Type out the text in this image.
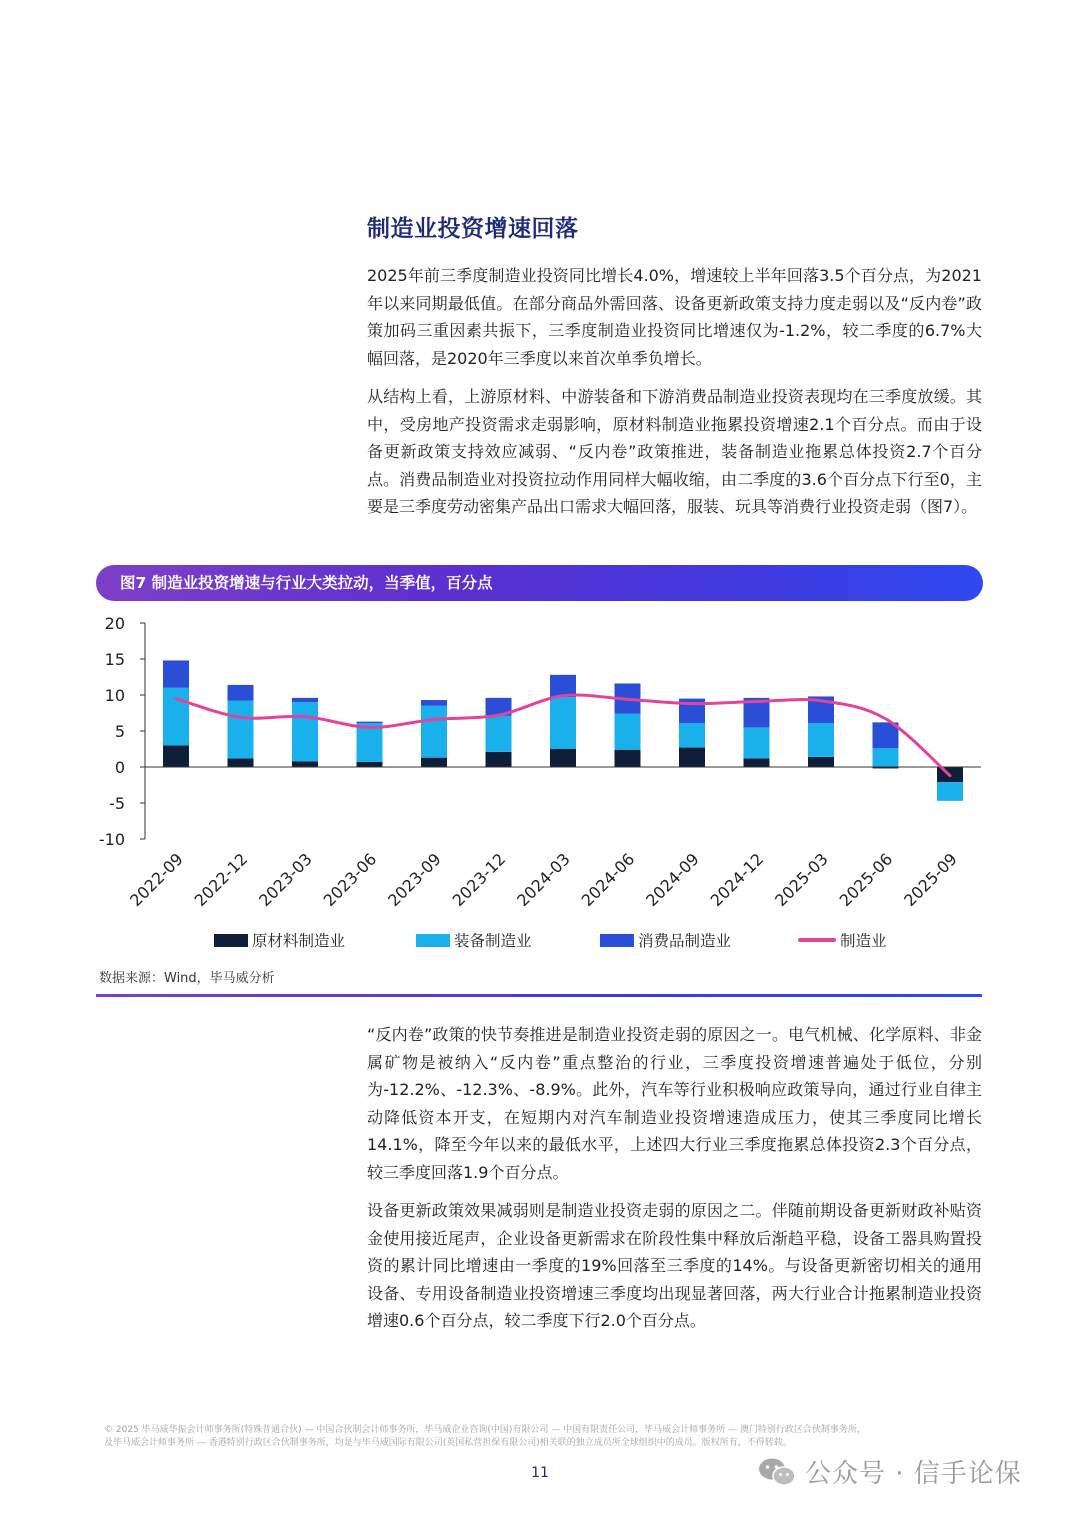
制造业投资增速回落

2025年前三季度制造业投资同比增长4.0%，增速较上半年回落3.5个百分点，为2021年以来同期最低值。在部分商品外需回落、设备更新政策支持力度走弱以及“反内卷”政策加码三重因素共振下，三季度制造业投资同比增速仅为-1.2%，较二季度的6.7%大幅回落，是2020年三季度以来首次单季负增长。

从结构上看，上游原材料、中游装备和下游消费品制造业投资表现均在三季度放缓。其中，受房地产投资需求走弱影响，原材料制造业拖累投资增速2.1个百分点。而由于设备更新政策支持效应减弱、“反内卷”政策推进，装备制造业拖累总体投资2.7个百分点。消费品制造业对投资拉动作用同样大幅收缩，由二季度的3.6个百分点下行至0，主要是三季度劳动密集产品出口需求大幅回落，服装、玩具等消费行业投资走弱（图7）。

图7 制造业投资增速与行业大类拉动，当季值，百分点
20
15
10
5
0
-5
-10
2022-09 2022-12 2023-03 2023-06 2023-09 2023-12 2024-03 2024-06 2024-09 2024-12 2025-03 2025-06 2025-09
原材料制造业	装备制造业	消费品制造业	制造业
数据来源：Wind，毕马威分析

“反内卷”政策的快节奏推进是制造业投资走弱的原因之一。电气机械、化学原料、非金属矿物是被纳入“反内卷”重点整治的行业，三季度投资增速普遍处于低位，分别为-12.2%、-12.3%、-8.9%。此外，汽车等行业积极响应政策导向，通过行业自律主动降低资本开支，在短期内对汽车制造业投资增速造成压力，使其三季度同比增长14.1%，降至今年以来的最低水平，上述四大行业三季度拖累总体投资2.3个百分点，较三季度回落1.9个百分点。

设备更新政策效果减弱则是制造业投资走弱的原因之二。伴随前期设备更新财政补贴资金使用接近尾声，企业设备更新需求在阶段性集中释放后渐趋平稳，设备工器具购置投资的累计同比增速由一季度的19%回落至三季度的14%。与设备更新密切相关的通用设备、专用设备制造业投资增速三季度均出现显著回落，两大行业合计拖累制造业投资增速0.6个百分点，较二季度下行2.0个百分点。

© 2025 毕马威华振会计师事务所(特殊普通合伙) — 中国合伙制会计师事务所，毕马威企业咨询(中国)有限公司 — 中国有限责任公司，毕马威会计师事务所 — 澳门特别行政区合伙制事务所，
及毕马威会计师事务所 — 香港特别行政区合伙制事务所，均是与毕马威国际有限公司(英国私营担保有限公司)相关联的独立成员所全球组织中的成员。版权所有，不得转载。
11	公众号 · 信手论保
